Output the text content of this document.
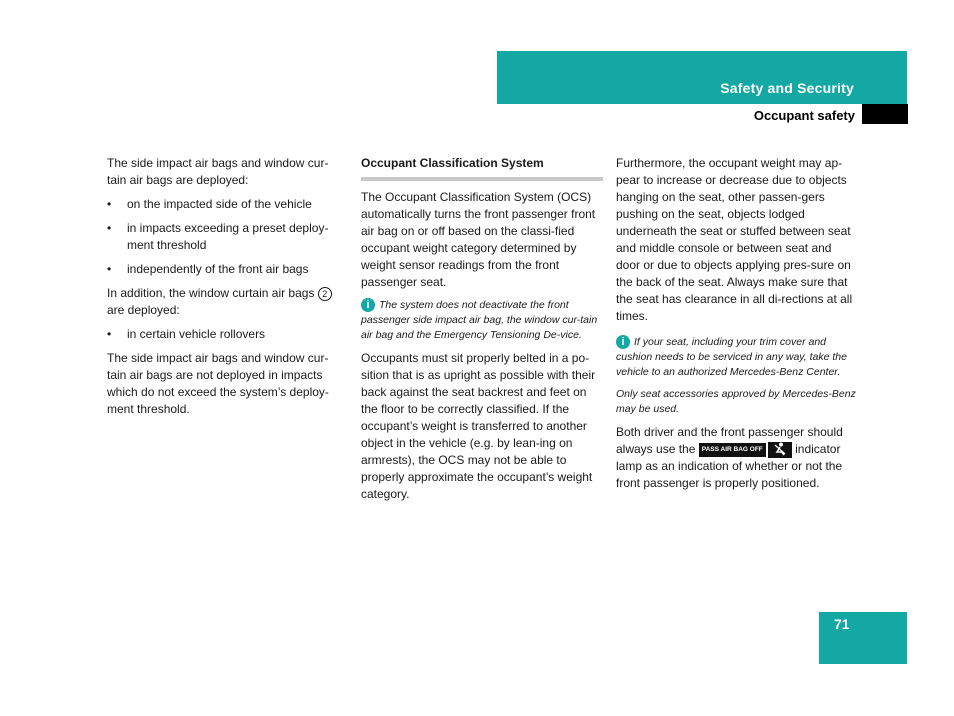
Safety and Security
Occupant safety

The side impact air bags and window cur-tain air bags are deployed:

•	on the impacted side of the vehicle
•	in impacts exceeding a preset deploy-ment threshold
•	independently of the front air bags

In addition, the window curtain air bags 2 are deployed:

•	in certain vehicle rollovers

The side impact air bags and window cur-tain air bags are not deployed in impacts which do not exceed the system’s deploy-ment threshold.

Occupant Classification System

The Occupant Classification System (OCS) automatically turns the front passenger front air bag on or off based on the classi-fied occupant weight category determined by weight sensor readings from the front passenger seat.

i The system does not deactivate the front passenger side impact air bag, the window cur-tain air bag and the Emergency Tensioning De-vice.

Occupants must sit properly belted in a po-sition that is as upright as possible with their back against the seat backrest and feet on the floor to be correctly classified. If the occupant’s weight is transferred to another object in the vehicle (e.g. by lean-ing on armrests), the OCS may not be able to properly approximate the occupant’s weight category.

Furthermore, the occupant weight may ap-pear to increase or decrease due to objects hanging on the seat, other passen-gers pushing on the seat, objects lodged underneath the seat or stuffed between seat and middle console or between seat and door or due to objects applying pres-sure on the back of the seat. Always make sure that the seat has clearance in all di-rections at all times.

i If your seat, including your trim cover and cushion needs to be serviced in any way, take the vehicle to an authorized Mercedes-Benz Center.

Only seat accessories approved by Mercedes-Benz may be used.

Both driver and the front passenger should always use the PASS AIR BAG OFF	indicator lamp as an indication of whether or not the front passenger is properly positioned.

71
